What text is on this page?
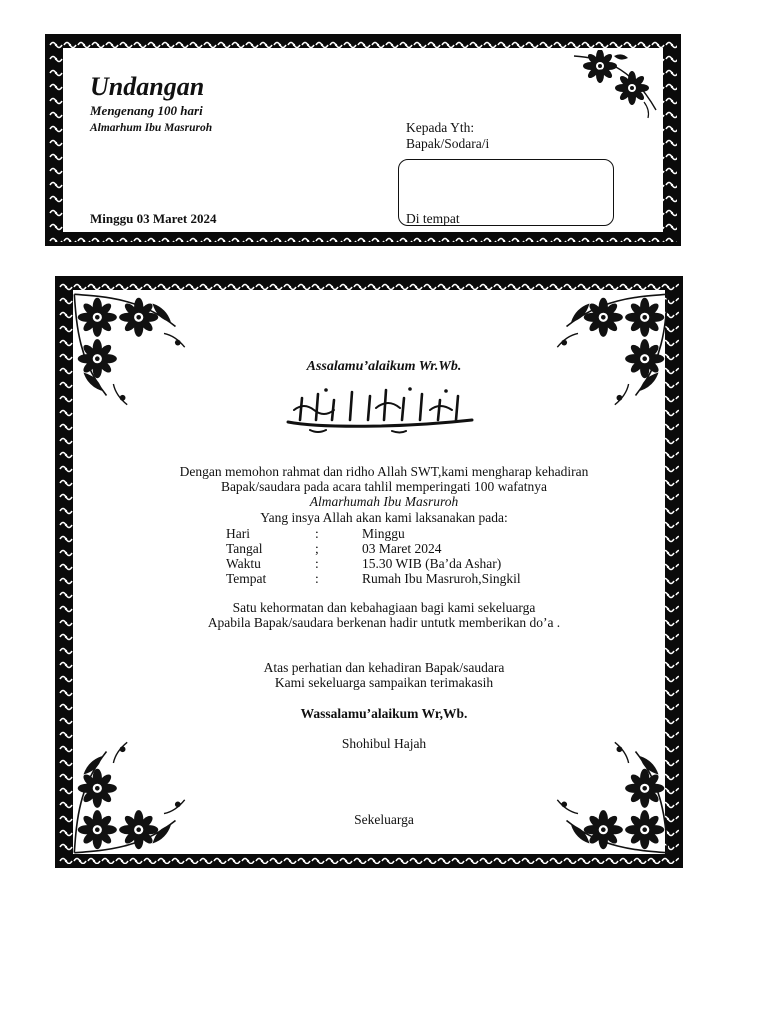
Undangan
Mengenang 100 hari
Almarhum Ibu Masruroh
Minggu 03 Maret 2024
Kepada Yth:
Bapak/Sodara/i
Di tempat
Assalamu’alaikum Wr.Wb.
Dengan memohon rahmat dan ridho Allah SWT,kami mengharap kehadiran
Bapak/saudara pada acara tahlil memperingati 100 wafatnya
Almarhumah Ibu Masruroh
Yang insya Allah akan kami laksanakan pada:
Hari	:	Minggu
Tangal	;	03 Maret 2024
Waktu	:	15.30 WIB (Ba’da Ashar)
Tempat	:	Rumah Ibu Masruroh,Singkil
Satu kehormatan dan kebahagiaan bagi kami sekeluarga
Apabila Bapak/saudara berkenan hadir untutk memberikan do’a .
Atas perhatian dan kehadiran Bapak/saudara
Kami sekeluarga sampaikan terimakasih
Wassalamu’alaikum Wr,Wb.
Shohibul Hajah
Sekeluarga
